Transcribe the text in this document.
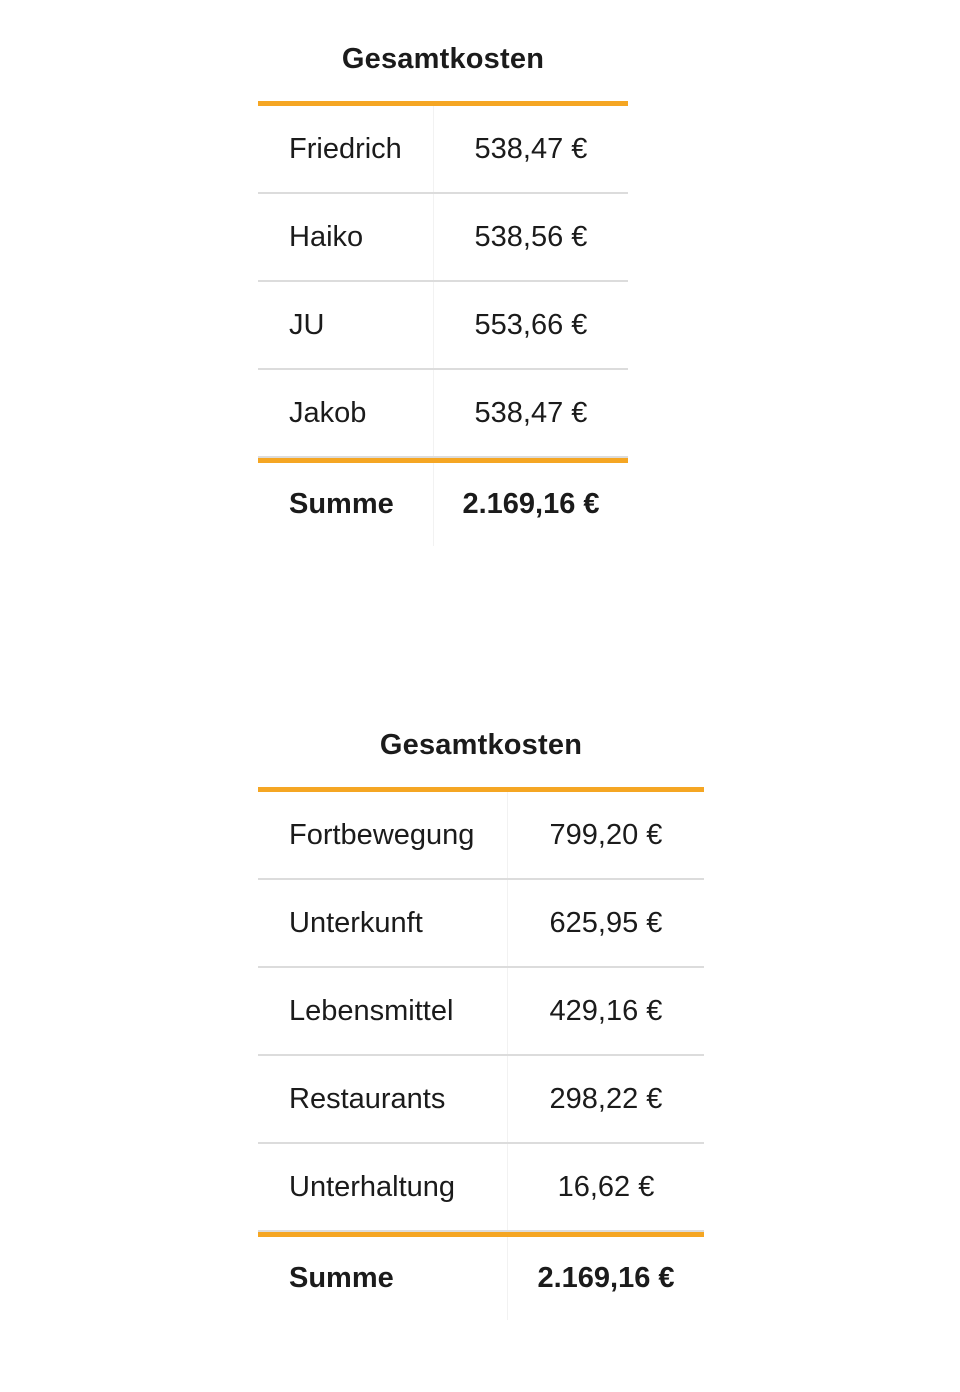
Gesamtkosten
Friedrich	538,47 €
Haiko	538,56 €
JU	553,66 €
Jakob	538,47 €
Summe	2.169,16 €
Gesamtkosten
Fortbewegung	799,20 €
Unterkunft	625,95 €
Lebensmittel	429,16 €
Restaurants	298,22 €
Unterhaltung	16,62 €
Summe	2.169,16 €
